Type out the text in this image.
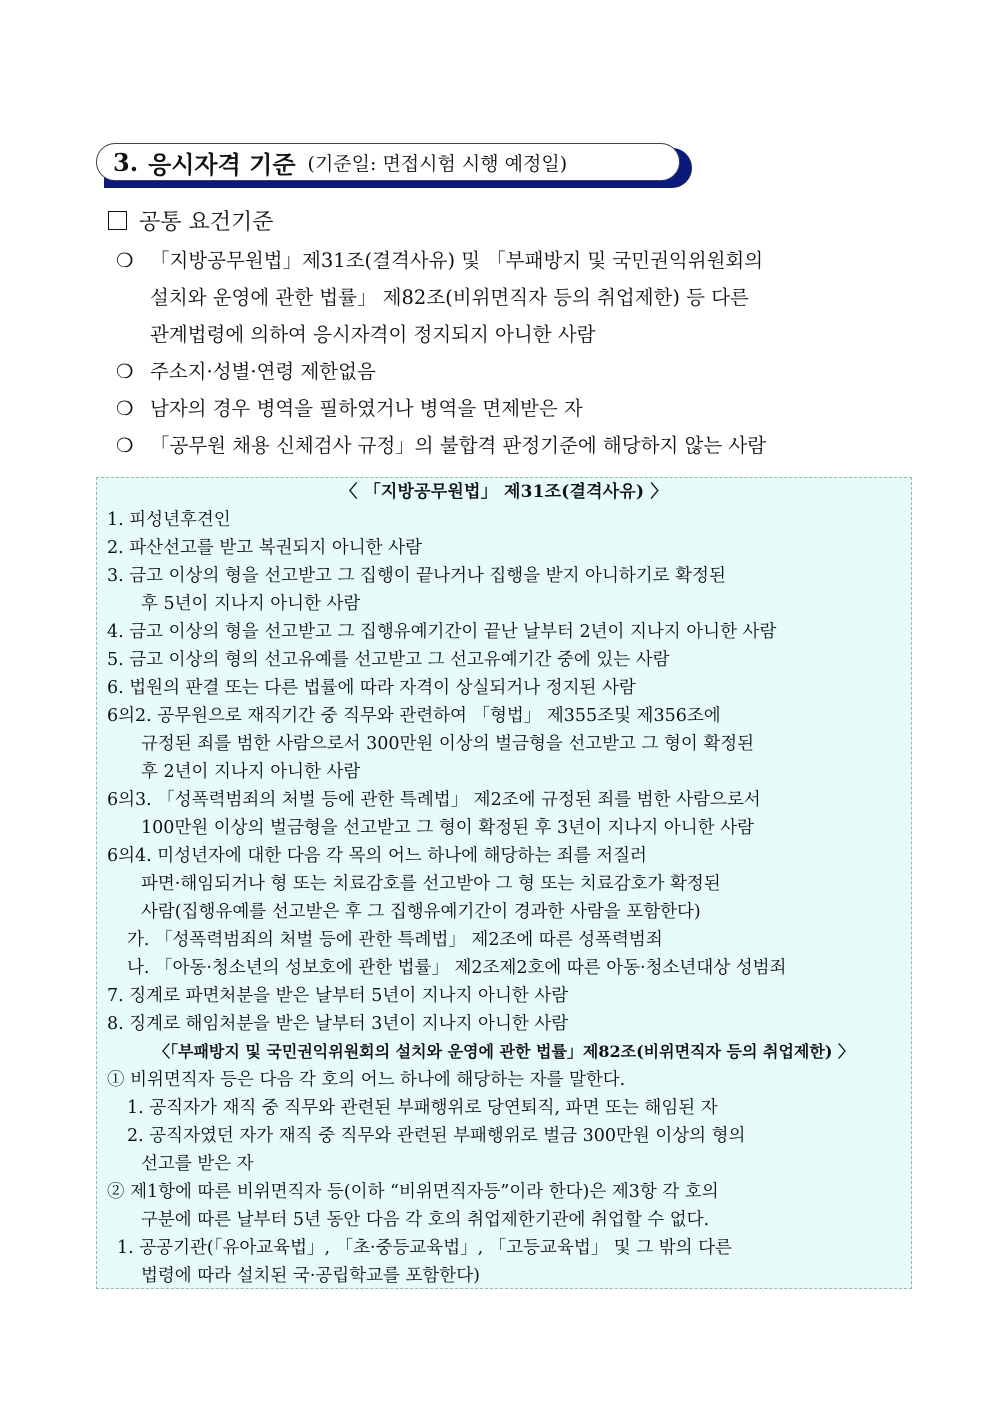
3. 응시자격 기준 (기준일: 면접시험 시행 예정일)
공통 요건기준
❍ 「지방공무원법」제31조(결격사유) 및 「부패방지 및 국민권익위원회의
설치와 운영에 관한 법률」 제82조(비위면직자 등의 취업제한) 등 다른
관계법령에 의하여 응시자격이 정지되지 아니한 사람
❍ 주소지·성별·연령 제한없음
❍ 남자의 경우 병역을 필하였거나 병역을 면제받은 자
❍ 「공무원 채용 신체검사 규정」의 불합격 판정기준에 해당하지 않는 사람
〈 「지방공무원법」 제31조(결격사유) 〉
1. 피성년후견인
2. 파산선고를 받고 복권되지 아니한 사람
3. 금고 이상의 형을 선고받고 그 집행이 끝나거나 집행을 받지 아니하기로 확정된
후 5년이 지나지 아니한 사람
4. 금고 이상의 형을 선고받고 그 집행유예기간이 끝난 날부터 2년이 지나지 아니한 사람
5. 금고 이상의 형의 선고유예를 선고받고 그 선고유예기간 중에 있는 사람
6. 법원의 판결 또는 다른 법률에 따라 자격이 상실되거나 정지된 사람
6의2. 공무원으로 재직기간 중 직무와 관련하여 「형법」 제355조및 제356조에
규정된 죄를 범한 사람으로서 300만원 이상의 벌금형을 선고받고 그 형이 확정된
후 2년이 지나지 아니한 사람
6의3. 「성폭력범죄의 처벌 등에 관한 특례법」 제2조에 규정된 죄를 범한 사람으로서
100만원 이상의 벌금형을 선고받고 그 형이 확정된 후 3년이 지나지 아니한 사람
6의4. 미성년자에 대한 다음 각 목의 어느 하나에 해당하는 죄를 저질러
파면·해임되거나 형 또는 치료감호를 선고받아 그 형 또는 치료감호가 확정된
사람(집행유예를 선고받은 후 그 집행유예기간이 경과한 사람을 포함한다)
가. 「성폭력범죄의 처벌 등에 관한 특례법」 제2조에 따른 성폭력범죄
나. 「아동·청소년의 성보호에 관한 법률」 제2조제2호에 따른 아동·청소년대상 성범죄
7. 징계로 파면처분을 받은 날부터 5년이 지나지 아니한 사람
8. 징계로 해임처분을 받은 날부터 3년이 지나지 아니한 사람
〈「부패방지 및 국민권익위원회의 설치와 운영에 관한 법률」제82조(비위면직자 등의 취업제한) 〉
① 비위면직자 등은 다음 각 호의 어느 하나에 해당하는 자를 말한다.
1. 공직자가 재직 중 직무와 관련된 부패행위로 당연퇴직, 파면 또는 해임된 자
2. 공직자였던 자가 재직 중 직무와 관련된 부패행위로 벌금 300만원 이상의 형의
선고를 받은 자
② 제1항에 따른 비위면직자 등(이하 “비위면직자등”이라 한다)은 제3항 각 호의
구분에 따른 날부터 5년 동안 다음 각 호의 취업제한기관에 취업할 수 없다.
1. 공공기관(「유아교육법」, 「초·중등교육법」, 「고등교육법」 및 그 밖의 다른
법령에 따라 설치된 국·공립학교를 포함한다)
